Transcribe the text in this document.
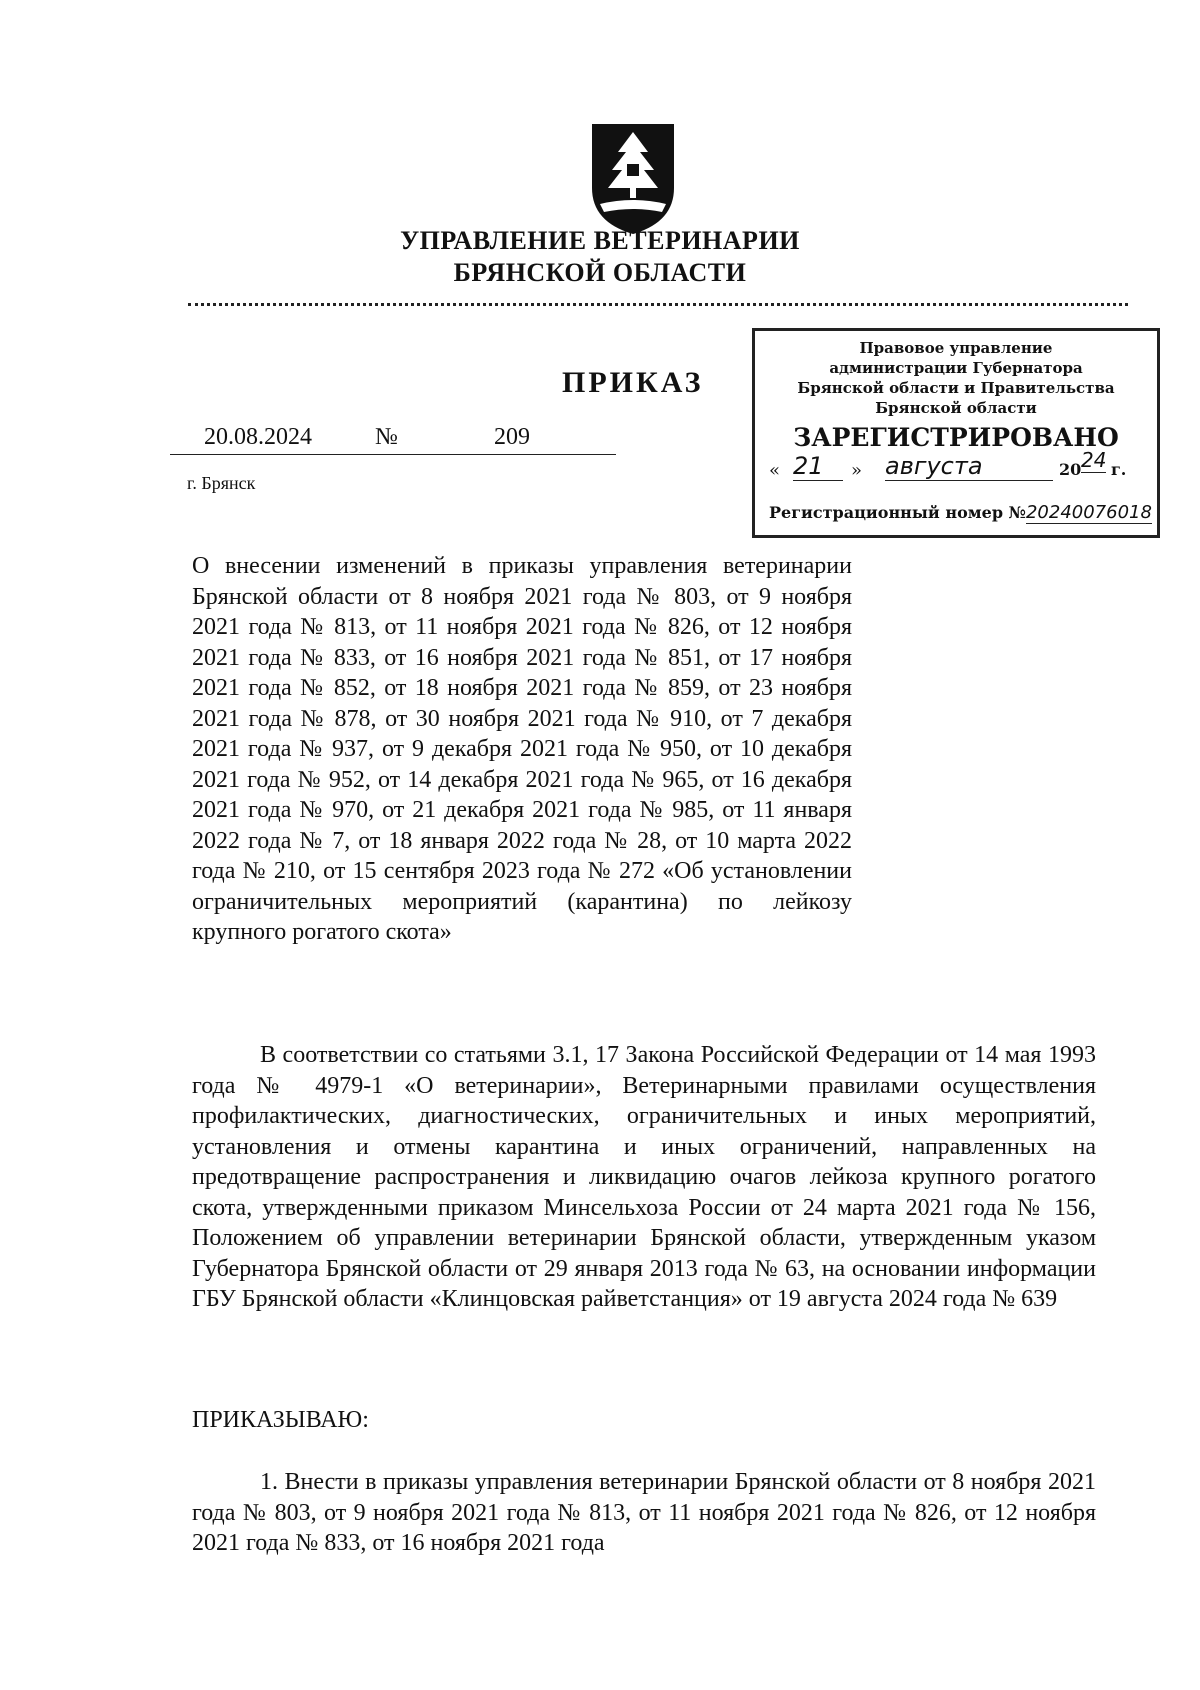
УПРАВЛЕНИЕ ВЕТЕРИНАРИИ
БРЯНСКОЙ ОБЛАСТИ
ПРИКАЗ
20.08.2024	№	209
г. Брянск
Правовое управление
администрации Губернатора
Брянской области и Правительства
Брянской области
ЗАРЕГИСТРИРОВАНО
« 21	» августа	20 24 г.
Регистрационный номер №20240076018
О внесении изменений в приказы управления ветеринарии Брянской области от 8 ноября 2021 года № 803, от 9 ноября 2021 года № 813, от 11 ноября 2021 года № 826, от 12 ноября 2021 года № 833, от 16 ноября 2021 года № 851, от 17 ноября 2021 года № 852, от 18 ноября 2021 года № 859, от 23 ноября 2021 года № 878, от 30 ноября 2021 года № 910, от 7 декабря 2021 года № 937, от 9 декабря 2021 года № 950, от 10 декабря 2021 года № 952, от 14 декабря 2021 года № 965, от 16 декабря 2021 года № 970, от 21 декабря 2021 года № 985, от 11 января 2022 года № 7, от 18 января 2022 года № 28, от 10 марта 2022 года № 210, от 15 сентября 2023 года № 272 «Об установлении ограничительных мероприятий (карантина) по лейкозу крупного рогатого скота»
В соответствии со статьями 3.1, 17 Закона Российской Федерации от 14 мая 1993 года № 4979-1 «О ветеринарии», Ветеринарными правилами осуществления профилактических, диагностических, ограничительных и иных мероприятий, установления и отмены карантина и иных ограничений, направленных на предотвращение распространения и ликвидацию очагов лейкоза крупного рогатого скота, утвержденными приказом Минсельхоза России от 24 марта 2021 года № 156, Положением об управлении ветеринарии Брянской области, утвержденным указом Губернатора Брянской области от 29 января 2013 года № 63, на основании информации ГБУ Брянской области «Клинцовская райветстанция» от 19 августа 2024 года № 639
ПРИКАЗЫВАЮ:
1. Внести в приказы управления ветеринарии Брянской области от 8 ноября 2021 года № 803, от 9 ноября 2021 года № 813, от 11 ноября 2021 года № 826, от 12 ноября 2021 года № 833, от 16 ноября 2021 года
